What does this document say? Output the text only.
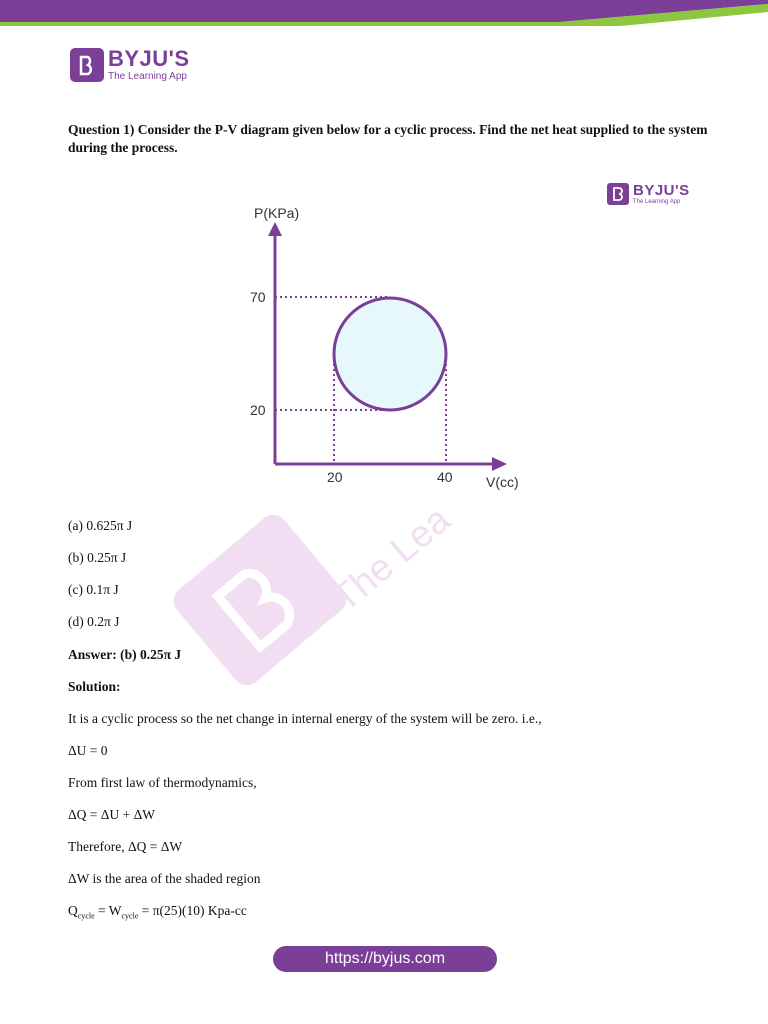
BYJU'S
The Learning App
Question 1) Consider the P-V diagram given below for a cyclic process. Find the net heat supplied to the system during the process.
BYJU'S
The Learning App
P(KPa)
70
20
20	40 V(cc)
The Lea
(a) 0.625π J
(b) 0.25π J
(c) 0.1π J
(d) 0.2π J
Answer: (b) 0.25π J
Solution:
It is a cyclic process so the net change in internal energy of the system will be zero. i.e.,
ΔU = 0
From first law of thermodynamics,
ΔQ = ΔU + ΔW
Therefore, ΔQ = ΔW
ΔW is the area of the shaded region
$Q_{cycle} = W_{cycle} = \pi(25)(10)$ Kpa-cc
https://byjus.com
